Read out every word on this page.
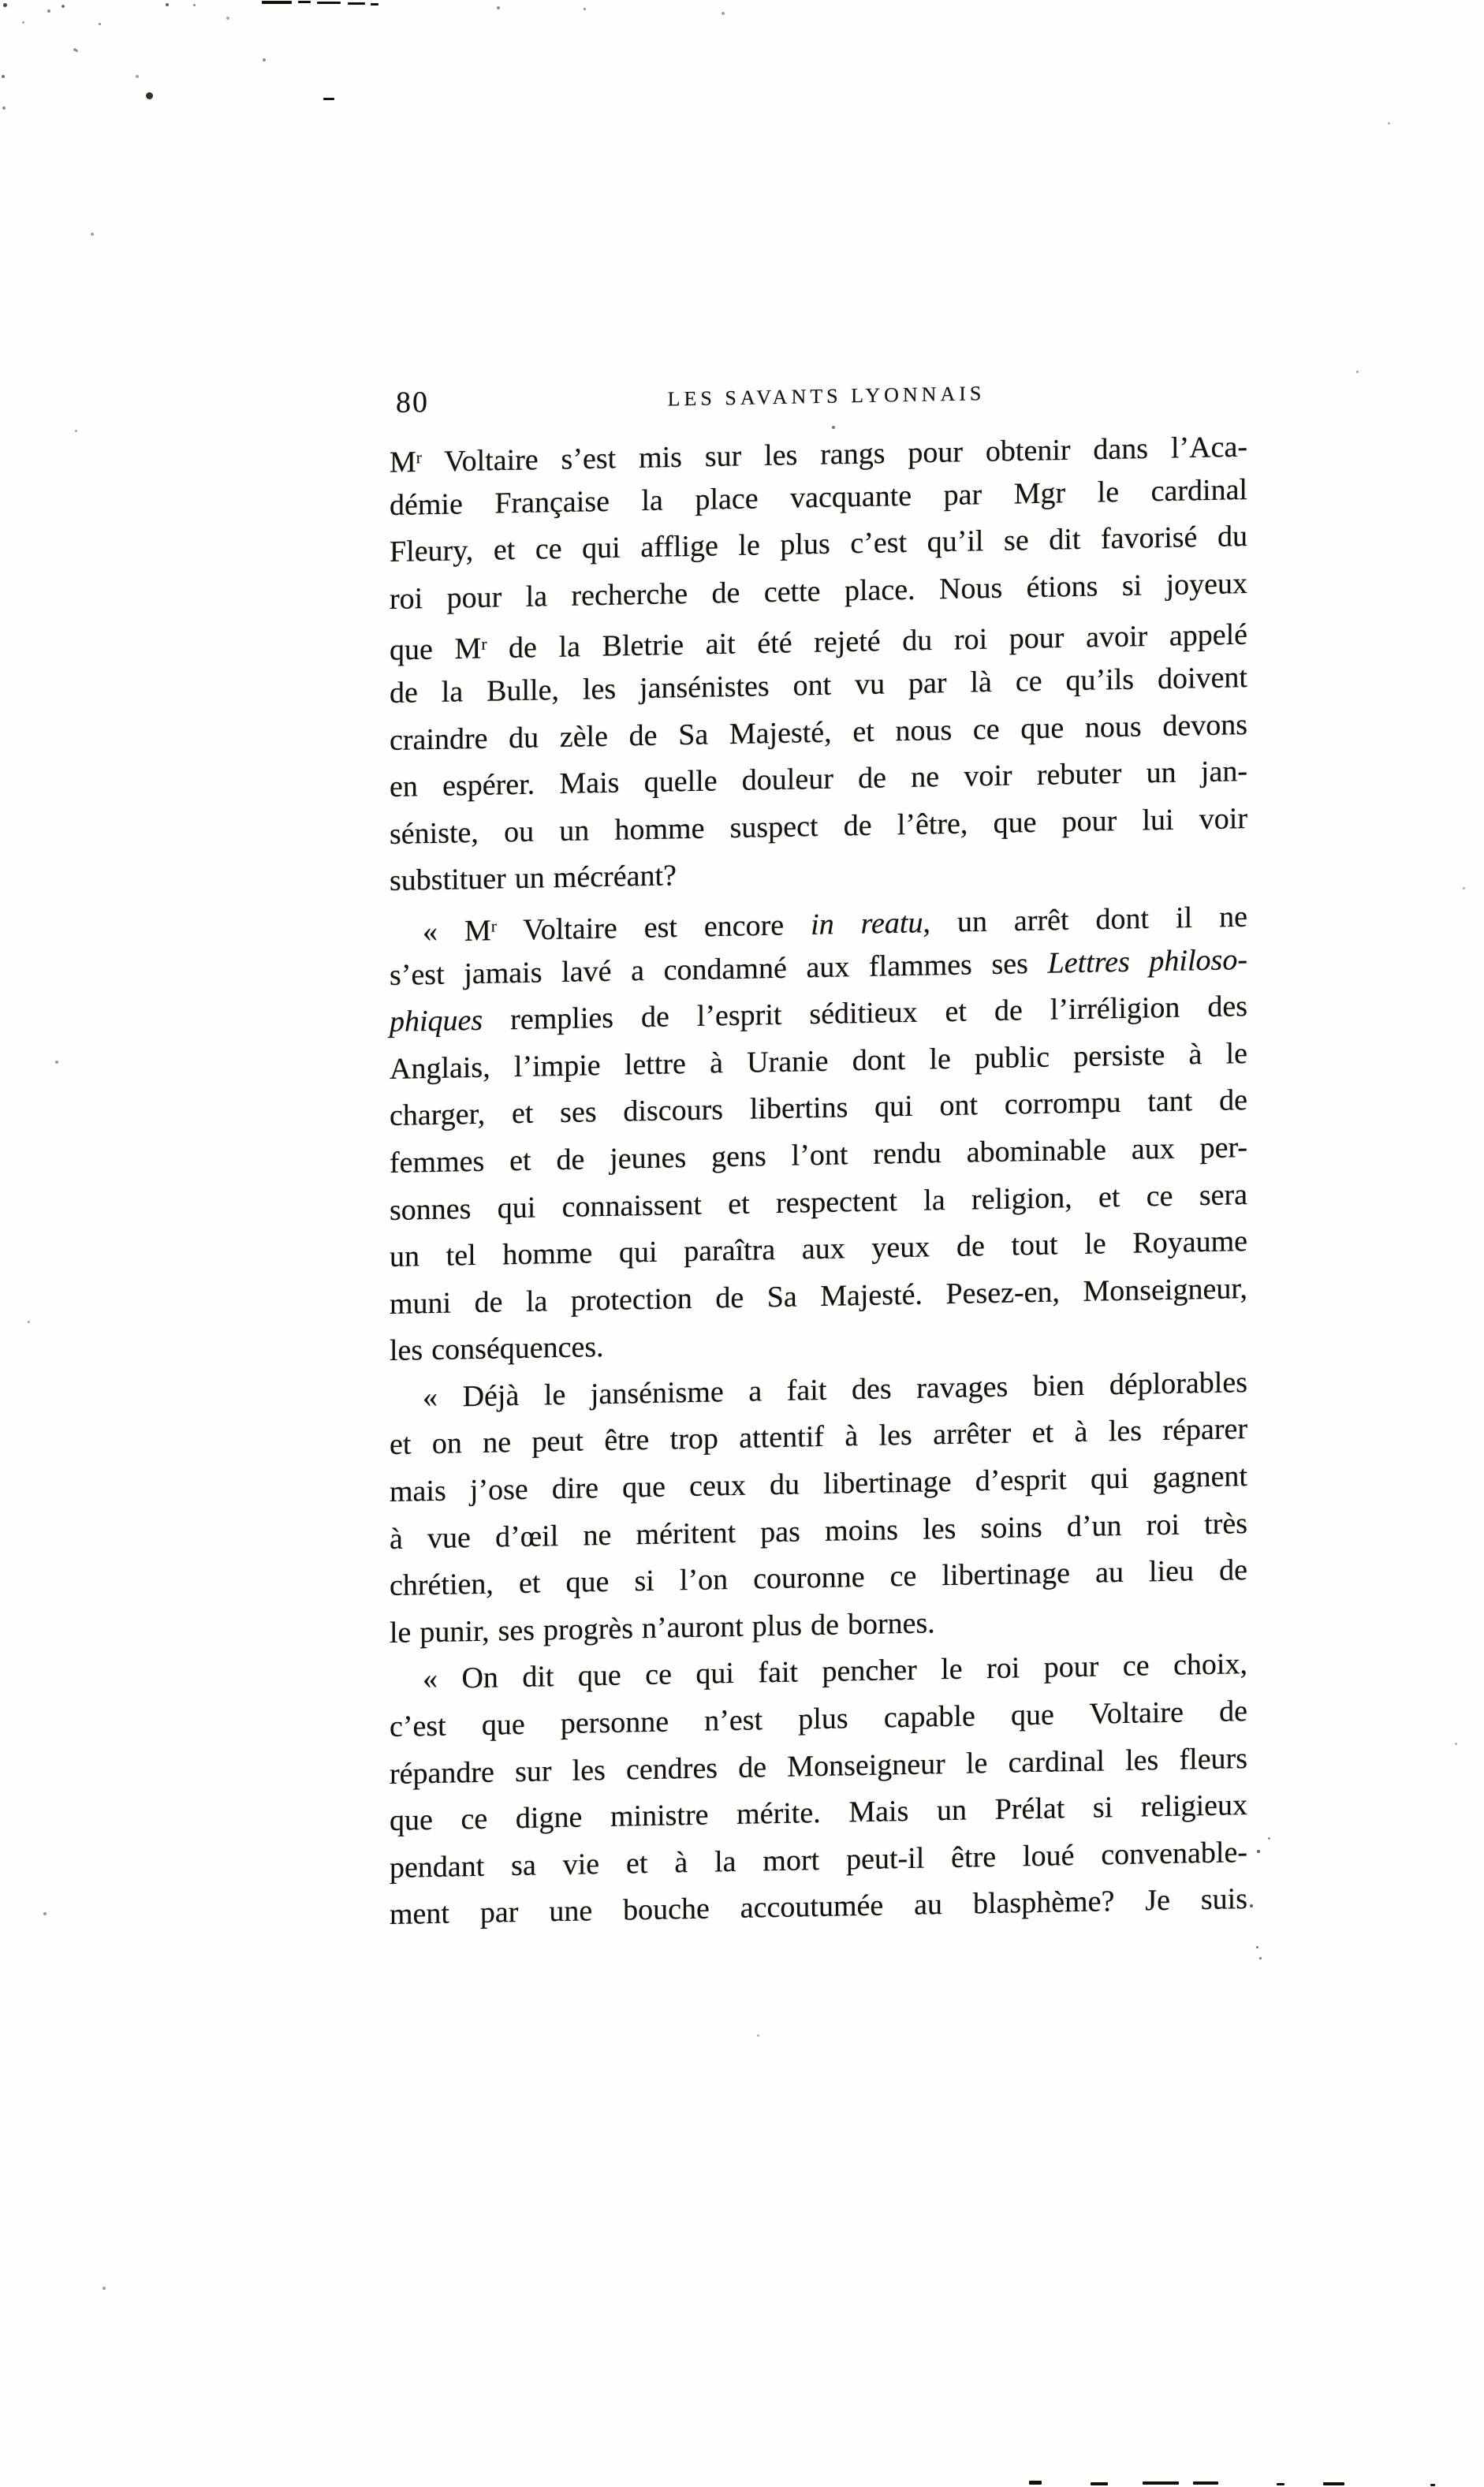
80	LES SAVANTS LYONNAIS
$M^r$ Voltaire s’est mis sur les rangs pour obtenir dans l’Aca-
démie Française la place vacquante par Mgr le cardinal
Fleury, et ce qui afflige le plus c’est qu’il se dit favorisé du
roi pour la recherche de cette place. Nous étions si joyeux
que $M^r$ de la Bletrie ait été rejeté du roi pour avoir appelé
de la Bulle, les jansénistes ont vu par là ce qu’ils doivent
craindre du zèle de Sa Majesté, et nous ce que nous devons
en espérer. Mais quelle douleur de ne voir rebuter un jan-
séniste, ou un homme suspect de l’être, que pour lui voir
substituer un mécréant?
« $M^r$ Voltaire est encore in reatu, un arrêt dont il ne
s’est jamais lavé a condamné aux flammes ses Lettres philoso-
phiques remplies de l’esprit séditieux et de l’irréligion des
Anglais, l’impie lettre à Uranie dont le public persiste à le
charger, et ses discours libertins qui ont corrompu tant de
femmes et de jeunes gens l’ont rendu abominable aux per-
sonnes qui connaissent et respectent la religion, et ce sera
un tel homme qui paraîtra aux yeux de tout le Royaume
muni de la protection de Sa Majesté. Pesez-en, Monseigneur,
les conséquences.
« Déjà le jansénisme a fait des ravages bien déplorables
et on ne peut être trop attentif à les arrêter et à les réparer
mais j’ose dire que ceux du libertinage d’esprit qui gagnent
à vue d’œil ne méritent pas moins les soins d’un roi très
chrétien, et que si l’on couronne ce libertinage au lieu de
le punir, ses progrès n’auront plus de bornes.
« On dit que ce qui fait pencher le roi pour ce choix,
c’est que personne n’est plus capable que Voltaire de
répandre sur les cendres de Monseigneur le cardinal les fleurs
que ce digne ministre mérite. Mais un Prélat si religieux
pendant sa vie et à la mort peut-il être loué convenable-
ment par une bouche accoutumée au blasphème? Je suis
